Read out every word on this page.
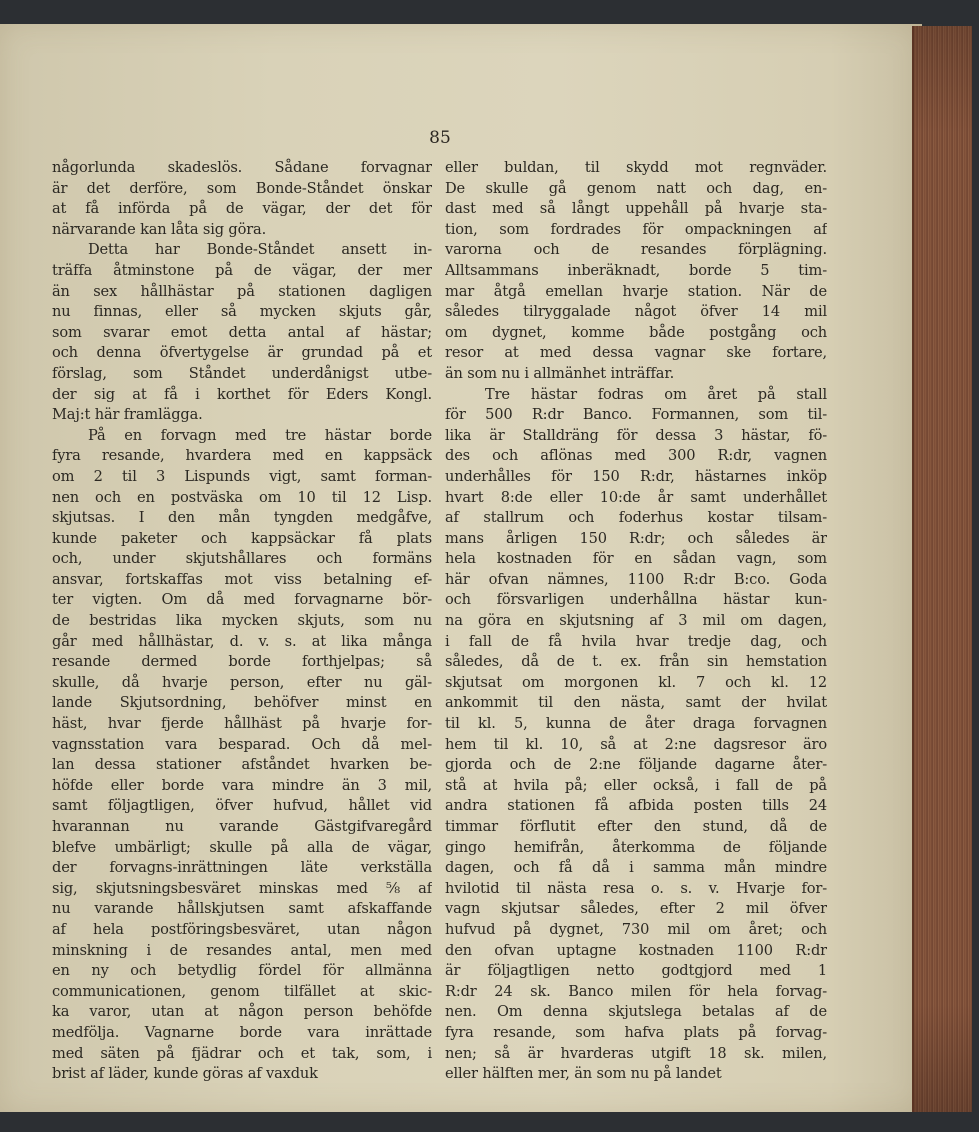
85
någorlunda skadeslös. Sådane forvagnar
är det derföre, som Bonde-Ståndet önskar
at få införda på de vägar, der det för
närvarande kan låta sig göra.
Detta har Bonde-Ståndet ansett in-
träffa åtminstone på de vägar, der mer
än sex hållhästar på stationen dagligen
nu finnas, eller så mycken skjuts går,
som svarar emot detta antal af hästar;
och denna öfvertygelse är grundad på et
förslag, som Ståndet underdånigst utbe-
der sig at få i korthet för Eders Kongl.
Maj:t här framlägga.
På en forvagn med tre hästar borde
fyra resande, hvardera med en kappsäck
om 2 til 3 Lispunds vigt, samt forman-
nen och en postväska om 10 til 12 Lisp.
skjutsas. I den mån tyngden medgåfve,
kunde paketer och kappsäckar få plats
och, under skjutshållares och formäns
ansvar, fortskaffas mot viss betalning ef-
ter vigten. Om då med forvagnarne bör-
de bestridas lika mycken skjuts, som nu
går med hållhästar, d. v. s. at lika många
resande dermed borde forthjelpas; så
skulle, då hvarje person, efter nu gäl-
lande Skjutsordning, behöfver minst en
häst, hvar fjerde hållhäst på hvarje for-
vagnsstation vara besparad. Och då mel-
lan dessa stationer afståndet hvarken be-
höfde eller borde vara mindre än 3 mil,
samt följagtligen, öfver hufvud, hållet vid
hvarannan nu varande Gästgifvaregård
blefve umbärligt; skulle på alla de vägar,
der forvagns-inrättningen läte verkställa
sig, skjutsningsbesväret minskas med ⅝ af
nu varande hållskjutsen samt afskaffande
af hela postföringsbesväret, utan någon
minskning i de resandes antal, men med
en ny och betydlig fördel för allmänna
communicationen, genom tilfället at skic-
ka varor, utan at någon person behöfde
medfölja. Vagnarne borde vara inrättade
med säten på fjädrar och et tak, som, i
brist af läder, kunde göras af vaxduk
eller buldan, til skydd mot regnväder.
De skulle gå genom natt och dag, en-
dast med så långt uppehåll på hvarje sta-
tion, som fordrades för ompackningen af
varorna och de resandes förplägning.
Alltsammans inberäknadt, borde 5 tim-
mar åtgå emellan hvarje station. När de
således tilryggalade något öfver 14 mil
om dygnet, komme både postgång och
resor at med dessa vagnar ske fortare,
än som nu i allmänhet inträffar.
Tre hästar fodras om året på stall
för 500 R:dr Banco. Formannen, som til-
lika är Stalldräng för dessa 3 hästar, fö-
des och aflönas med 300 R:dr, vagnen
underhålles för 150 R:dr, hästarnes inköp
hvart 8:de eller 10:de år samt underhållet
af stallrum och foderhus kostar tilsam-
mans årligen 150 R:dr; och således är
hela kostnaden för en sådan vagn, som
här ofvan nämnes, 1100 R:dr B:co. Goda
och försvarligen underhållna hästar kun-
na göra en skjutsning af 3 mil om dagen,
i fall de få hvila hvar tredje dag, och
således, då de t. ex. från sin hemstation
skjutsat om morgonen kl. 7 och kl. 12
ankommit til den nästa, samt der hvilat
til kl. 5, kunna de åter draga forvagnen
hem til kl. 10, så at 2:ne dagsresor äro
gjorda och de 2:ne följande dagarne åter-
stå at hvila på; eller också, i fall de på
andra stationen få afbida posten tills 24
timmar förflutit efter den stund, då de
gingo hemifrån, återkomma de följande
dagen, och få då i samma mån mindre
hvilotid til nästa resa o. s. v. Hvarje for-
vagn skjutsar således, efter 2 mil öfver
hufvud på dygnet, 730 mil om året; och
den ofvan uptagne kostnaden 1100 R:dr
är följagtligen netto godtgjord med 1
R:dr 24 sk. Banco milen för hela forvag-
nen. Om denna skjutslega betalas af de
fyra resande, som hafva plats på forvag-
nen; så är hvarderas utgift 18 sk. milen,
eller hälften mer, än som nu på landet
